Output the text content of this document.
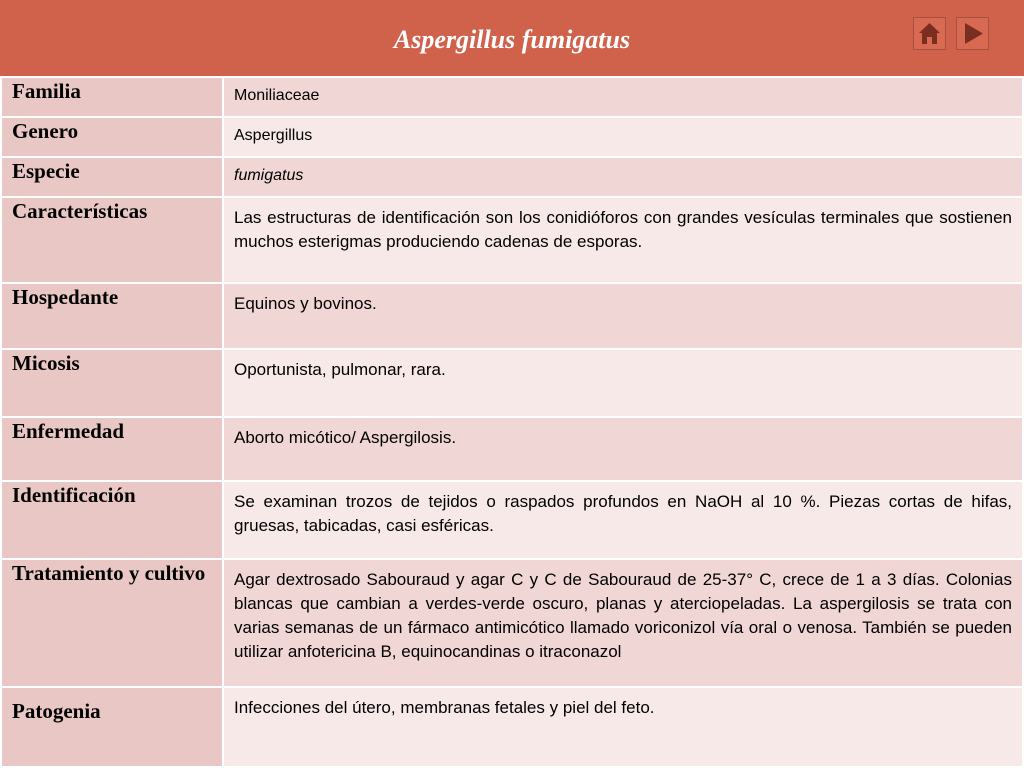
Aspergillus fumigatus
Familia	Moniliaceae
Genero	Aspergillus
Especie	fumigatus
Características	Las estructuras de identificación son los conidióforos con grandes vesículas terminales que sostienen muchos esterigmas produciendo cadenas de esporas.
Hospedante	Equinos y bovinos.
Micosis	Oportunista, pulmonar, rara.
Enfermedad	Aborto micótico/ Aspergilosis.
Identificación	Se examinan trozos de tejidos o raspados profundos en NaOH al 10 %. Piezas cortas de hifas, gruesas, tabicadas, casi esféricas.
Tratamiento y cultivo	Agar dextrosado Sabouraud y agar C y C de Sabouraud de 25-37° C, crece de 1 a 3 días. Colonias blancas que cambian a verdes-verde oscuro, planas y aterciopeladas. La aspergilosis se trata con varias semanas de un fármaco antimicótico llamado voriconizol vía oral o venosa. También se pueden utilizar anfotericina B, equinocandinas o itraconazol
Patogenia	Infecciones del útero, membranas fetales y piel del feto.
